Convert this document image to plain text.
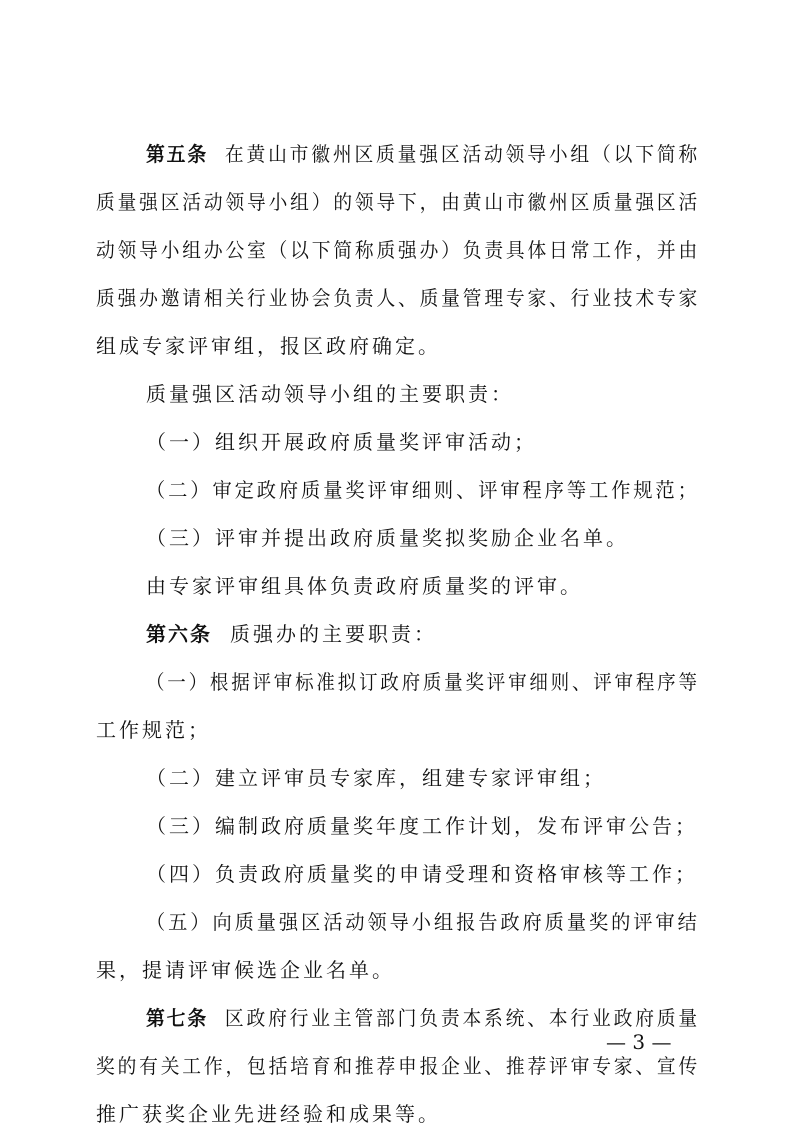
第五条 在黄山市徽州区质量强区活动领导小组（以下简称
质量强区活动领导小组）的领导下，由黄山市徽州区质量强区活
动领导小组办公室（以下简称质强办）负责具体日常工作，并由
质强办邀请相关行业协会负责人、质量管理专家、行业技术专家
组成专家评审组，报区政府确定。
质量强区活动领导小组的主要职责：
（一）组织开展政府质量奖评审活动；
（二）审定政府质量奖评审细则、评审程序等工作规范；
（三）评审并提出政府质量奖拟奖励企业名单。
由专家评审组具体负责政府质量奖的评审。
第六条 质强办的主要职责：
（一）根据评审标准拟订政府质量奖评审细则、评审程序等
工作规范；
（二）建立评审员专家库，组建专家评审组；
（三）编制政府质量奖年度工作计划，发布评审公告；
（四）负责政府质量奖的申请受理和资格审核等工作；
（五）向质量强区活动领导小组报告政府质量奖的评审结
果，提请评审候选企业名单。
第七条 区政府行业主管部门负责本系统、本行业政府质量
奖的有关工作，包括培育和推荐申报企业、推荐评审专家、宣传
推广获奖企业先进经验和成果等。
— 3 —
